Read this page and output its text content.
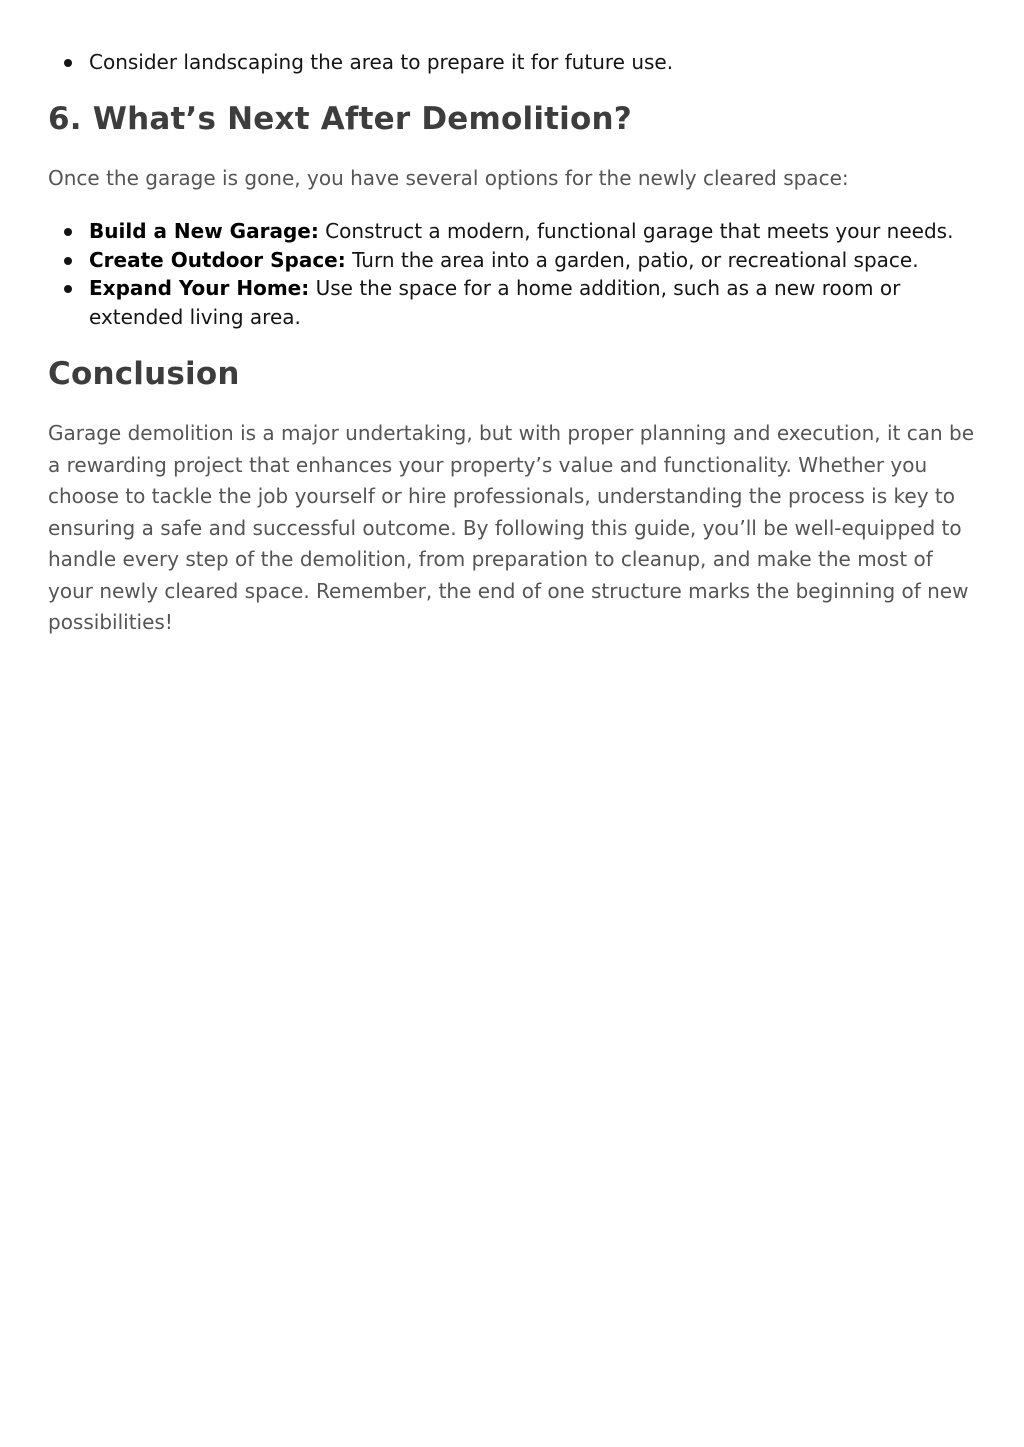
Consider landscaping the area to prepare it for future use.
6. What’s Next After Demolition?

Once the garage is gone, you have several options for the newly cleared space:

Build a New Garage: Construct a modern, functional garage that meets your needs.
Create Outdoor Space: Turn the area into a garden, patio, or recreational space.
Expand Your Home: Use the space for a home addition, such as a new room or extended living area.
Conclusion

Garage demolition is a major undertaking, but with proper planning and execution, it can be a rewarding project that enhances your property’s value and functionality. Whether you choose to tackle the job yourself or hire professionals, understanding the process is key to ensuring a safe and successful outcome. By following this guide, you’ll be well-equipped to handle every step of the demolition, from preparation to cleanup, and make the most of your newly cleared space. Remember, the end of one structure marks the beginning of new possibilities!
